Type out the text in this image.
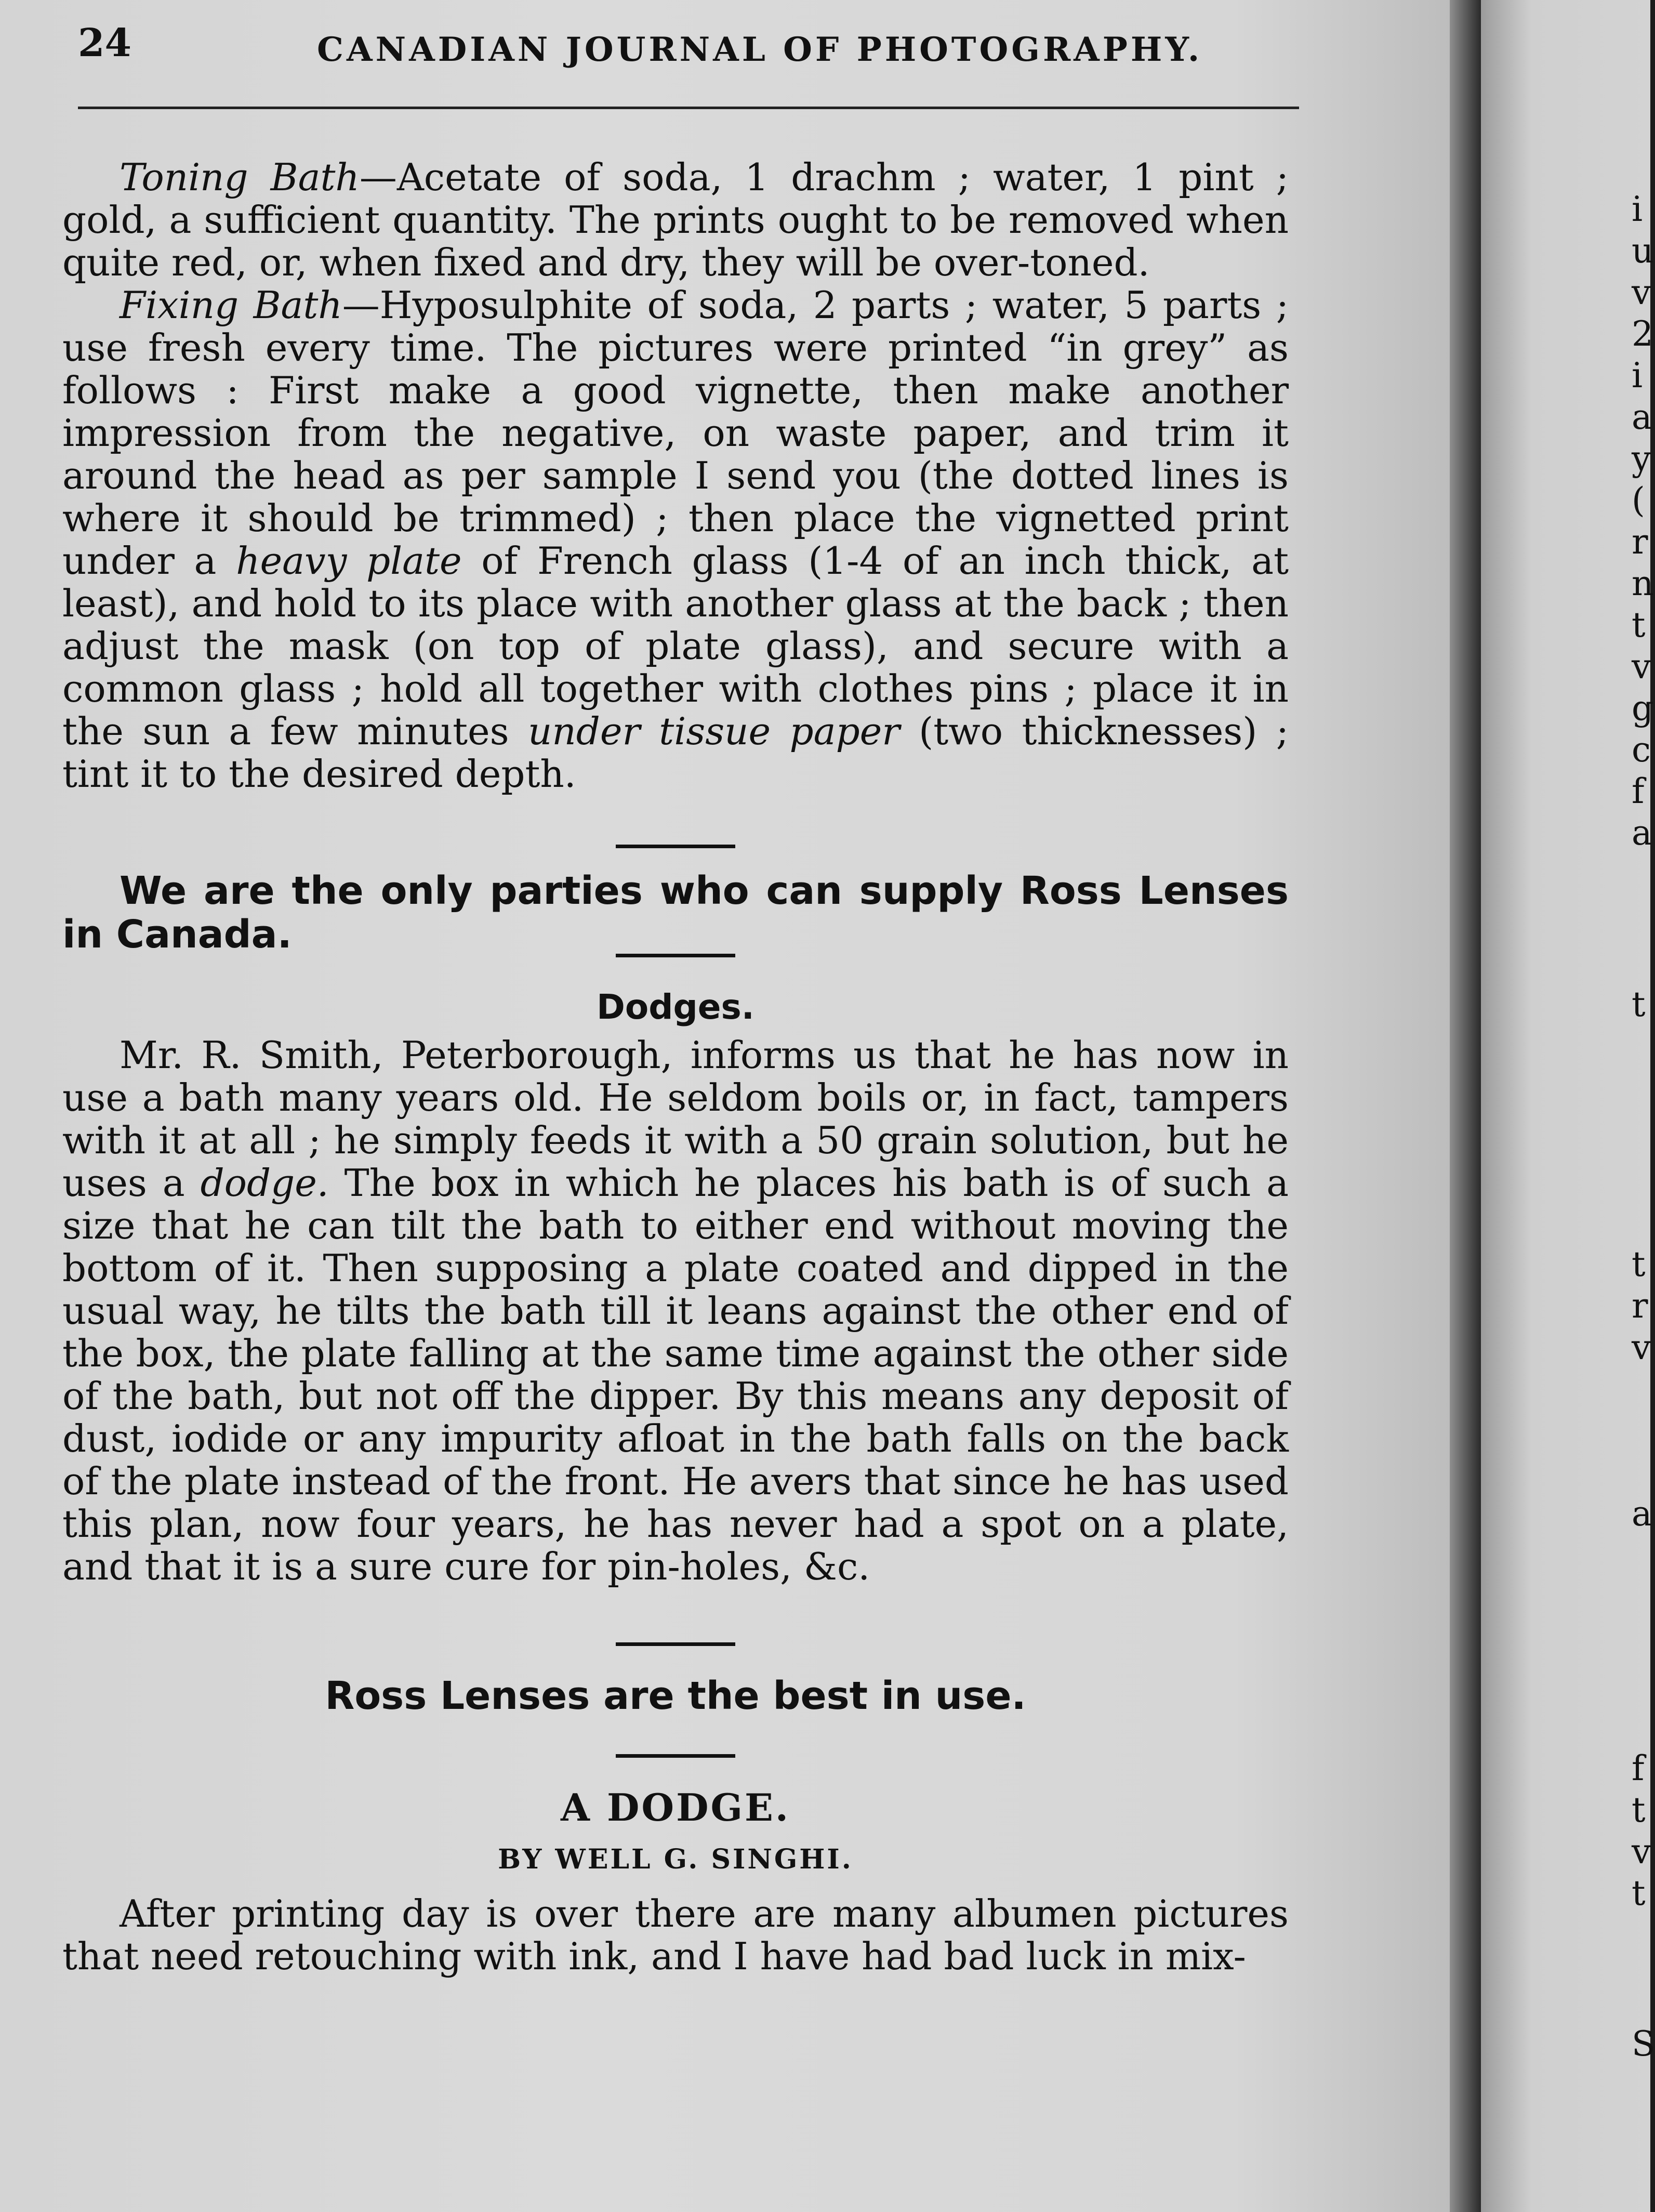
24	CANADIAN JOURNAL OF PHOTOGRAPHY.

Toning Bath—Acetate of soda, 1 drachm ; water, 1 pint ; gold, a sufficient quantity. The prints ought to be removed when quite red, or, when fixed and dry, they will be over-toned.

Fixing Bath—Hyposulphite of soda, 2 parts ; water, 5 parts ; use fresh every time. The pictures were printed “in grey” as follows : First make a good vignette, then make another impression from the negative, on waste paper, and trim it around the head as per sample I send you (the dotted lines is where it should be trimmed) ; then place the vignetted print under a heavy plate of French glass (1-4 of an inch thick, at least), and hold to its place with another glass at the back ; then adjust the mask (on top of plate glass), and secure with a common glass ; hold all together with clothes pins ; place it in the sun a few minutes under tissue paper (two thicknesses) ; tint it to the desired depth.

We are the only parties who can supply Ross Lenses in Canada.

Dodges.

Mr. R. Smith, Peterborough, informs us that he has now in use a bath many years old. He seldom boils or, in fact, tampers with it at all ; he simply feeds it with a 50 grain solution, but he uses a dodge. The box in which he places his bath is of such a size that he can tilt the bath to either end without moving the bottom of it. Then supposing a plate coated and dipped in the usual way, he tilts the bath till it leans against the other end of the box, the plate falling at the same time against the other side of the bath, but not off the dipper. By this means any deposit of dust, iodide or any impurity afloat in the bath falls on the back of the plate instead of the front. He avers that since he has used this plan, now four years, he has never had a spot on a plate, and that it is a sure cure for pin-holes, &c.

Ross Lenses are the best in use.
A DODGE.
BY WELL G. SINGHI.

After printing day is over there are many albumen pictures that need retouching with ink, and I have had bad luck in mix-

i
u
v
2
i
a
y
(
r
n
t
v
g
c
f
a
t
t
r
v
a
f
t
v
t
S
